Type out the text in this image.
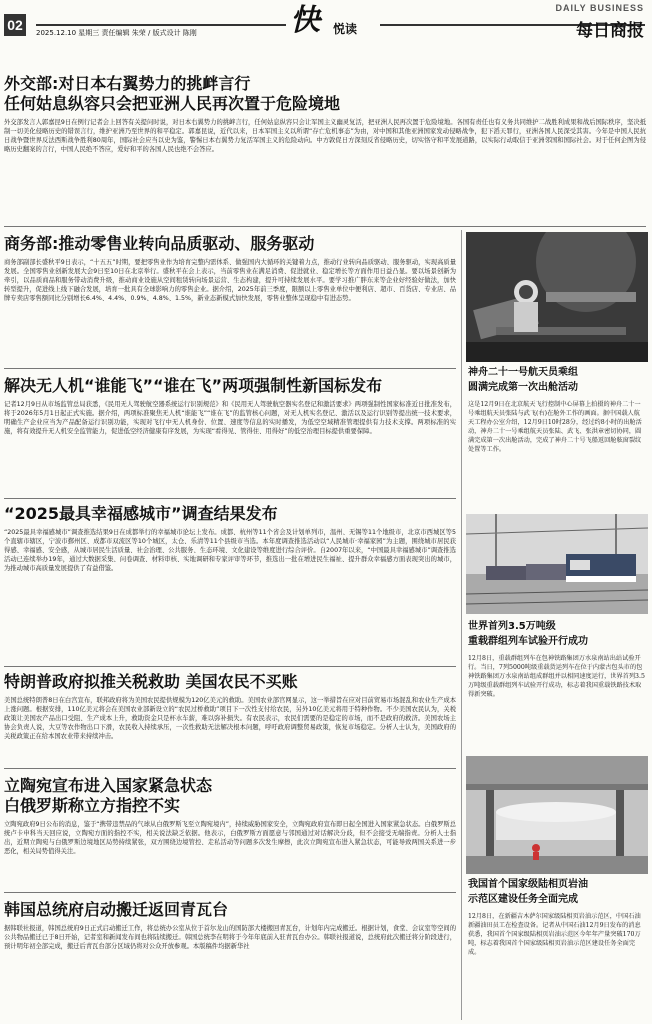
02	2025.12.10 星期三 责任编辑 朱荣 / 版式设计 陈刚	快 悦读
DAILY BUSINESS
每日商报
外交部:对日本右翼势力的挑衅言行
任何姑息纵容只会把亚洲人民再次置于危险境地
外交部发言人郭嘉昆9日在例行记者会上回答有关提问时说，对日本右翼势力的挑衅言行，任何姑息纵容只会让军国主义幽灵复活，把亚洲人民再次置于危险境地。各国有责任也有义务共同维护二战胜利成果和战后国际秩序，坚决抵制一切美化侵略历史的错误言行，维护亚洲乃至世界的和平稳定。郭嘉昆说，近代以来，日本军国主义以所谓“存亡危机事态”为由，对中国和其他亚洲国家发动侵略战争，犯下滔天罪行，亚洲各国人民深受其害。今年是中国人民抗日战争暨世界反法西斯战争胜利80周年，国际社会应当以史为鉴，警惕日本右翼势力复活军国主义的危险动向。中方敦促日方深刻反省侵略历史，切实恪守和平发展道路，以实际行动取信于亚洲邻国和国际社会。对于任何企图为侵略历史翻案的言行，中国人民绝不答应，爱好和平的各国人民也绝不会答应。
商务部:推动零售业转向品质驱动、服务驱动
商务部副部长盛秋平9日表示，“十五五”时期，要把零售业作为培育完整内需体系、做强国内大循环的关键着力点，推动行业转向品质驱动、服务驱动，实现高质量发展。全国零售业创新发展大会9日至10日在北京举行。盛秋平在会上表示，当前零售业在满足消费、促进就业、稳定增长等方面作用日益凸显。要以场景创新为牵引，以品质商品和服务带动消费升级，推动商业设施从空间租赁转向场景运营、生态构建，提升可持续发展水平。要学习推广胖东来等企业好经验好做法，加快转型提升，促进线上线下融合发展，培育一批具有全球影响力的零售企业。据介绍，2025年前三季度，限额以上零售业单位中便利店、超市、百货店、专业店、品牌专卖店零售额同比分别增长6.4%、4.4%、0.9%、4.8%、1.5%，新业态新模式加快发展，零售业整体呈现稳中有进态势。
解决无人机“谁能飞”“谁在飞”两项强制性新国标发布
记者12月9日从市场监管总局获悉，《民用无人驾驶航空器系统运行识别规范》和《民用无人驾驶航空器实名登记和激活要求》两项强制性国家标准近日批准发布，将于2026年5月1日起正式实施。据介绍，两项标准聚焦无人机“谁能飞”“谁在飞”的监管核心问题，对无人机实名登记、激活以及运行识别等提出统一技术要求，明确生产企业应当为产品配备运行识别功能，实现对飞行中无人机身份、位置、速度等信息的实时播发，为低空空域精准管理提供有力技术支撑。两项标准的实施，将有效提升无人机安全监管能力，促进低空经济健康有序发展，为实现“看得见、管得住、用得好”的低空治理目标提供重要保障。
“2025最具幸福感城市”调查结果发布
“2025最具幸福感城市”调查推选结果9日在成都举行的幸福城市论坛上发布。成都、杭州等11个省会及计划单列市，温州、无锡等11个地级市，北京市西城区等5个直辖市辖区，宁波市鄞州区、成都市双流区等10个城区，太仓、乐清等11个县级市当选。本年度调查推选活动以“人民城市·幸福家园”为主题，围绕城市居民获得感、幸福感、安全感，从城市居民生活质量、社会治理、公共服务、生态环境、文化建设等维度进行综合评价。自2007年以来，“中国最具幸福感城市”调查推选活动已连续举办19年，通过大数据采集、问卷调查、材料审核、实地调研和专家评审等环节，推选出一批在增进民生福祉、提升群众幸福感方面表现突出的城市，为推动城市高质量发展提供了有益借鉴。
特朗普政府拟推关税救助 美国农民不买账
美国总统特朗普8日在白宫宣布，联邦政府将为美国农民提供规模为120亿美元的救助。美国农业部官网显示，这一举措旨在应对目前贸易市场混乱和农业生产成本上涨问题。根据安排，110亿美元将会在美国农业部新设立的“农民过桥救助”项目下一次性支付给农民，另外10亿美元将用于特种作物。不少美国农民认为，关税政策让美国农产品出口受阻、生产成本上升，救助资金只是杯水车薪，难以弥补损失。有农民表示，农民们需要的是稳定的市场，而不是政府的救济。美国农场主协会负责人说，大豆等农作物出口下滑，农民收入持续承压，一次性救助无法解决根本问题，呼吁政府调整贸易政策，恢复市场稳定。分析人士认为，美国政府的关税政策正在给本国农业带来持续冲击。
立陶宛宣布进入国家紧急状态
白俄罗斯称立方指控不实
立陶宛政府9日公布的消息，鉴于“携带违禁品的气球从白俄罗斯飞至立陶宛境内”，持续威胁国家安全，立陶宛政府宣布即日起全国进入国家紧急状态。白俄罗斯总统卢卡申科当天回应说，立陶宛方面的指控不实，相关说法缺乏依据。他表示，白俄罗斯方面愿意与邻国通过对话解决分歧，但不会接受无端指责。分析人士指出，近期立陶宛与白俄罗斯边境地区局势持续紧张，双方围绕边境管控、走私活动等问题多次发生摩擦，此次立陶宛宣布进入紧急状态，可能导致两国关系进一步恶化，相关局势值得关注。
韩国总统府启动搬迁返回青瓦台
据韩联社报道，韩国总统府9日正式启动搬迁工作，将总统办公室从位于首尔龙山的国防部大楼搬回青瓦台，计划年内完成搬迁。根据计划，食堂、会议室等空间的公共物品搬迁已于8日开始，记者室和新闻发布间也将陆续搬迁。韩国总统李在明将于今年年底前入驻青瓦台办公。韩联社报道说，总统府此次搬迁将分阶段进行，预计明年初全部完成，搬迁后青瓦台部分区域仍将对公众开放参观。本版稿件均据新华社
神舟二十一号航天员乘组
圆满完成第一次出舱活动
这是12月9日在北京航天飞行控制中心屏幕上拍摄的神舟二十一号乘组航天员张陆与武飞(右)在舱外工作的画面。据中国载人航天工程办公室介绍，12月9日10时28分，经过约8小时的出舱活动，神舟二十一号乘组航天员张陆、武飞、张洪章密切协同，圆满完成第一次出舱活动，完成了神舟二十号飞船返回舱舷窗裂纹处置等工作。
世界首列3.5万吨级
重载群组列车试验开行成功
12月8日，重载群组列车在包神铁路集团万水泉南站出站试验开行。当日，7列5000吨级重载货运列车在位于内蒙古包头市的包神铁路集团万水泉南站组成群组并以相同速度运行，世界首列3.5万吨级重载群组列车试验开行成功，标志着我国重载铁路技术取得新突破。
我国首个国家级陆相页岩油
示范区建设任务全面完成
12月8日，在新疆吉木萨尔国家级陆相页岩油示范区，中国石油新疆油田员工在检查设备。记者从中国石油12月9日发布的消息获悉，我国首个国家级陆相页岩油示范区今年年产量突破170万吨，标志着我国首个国家级陆相页岩油示范区建设任务全面完成。
